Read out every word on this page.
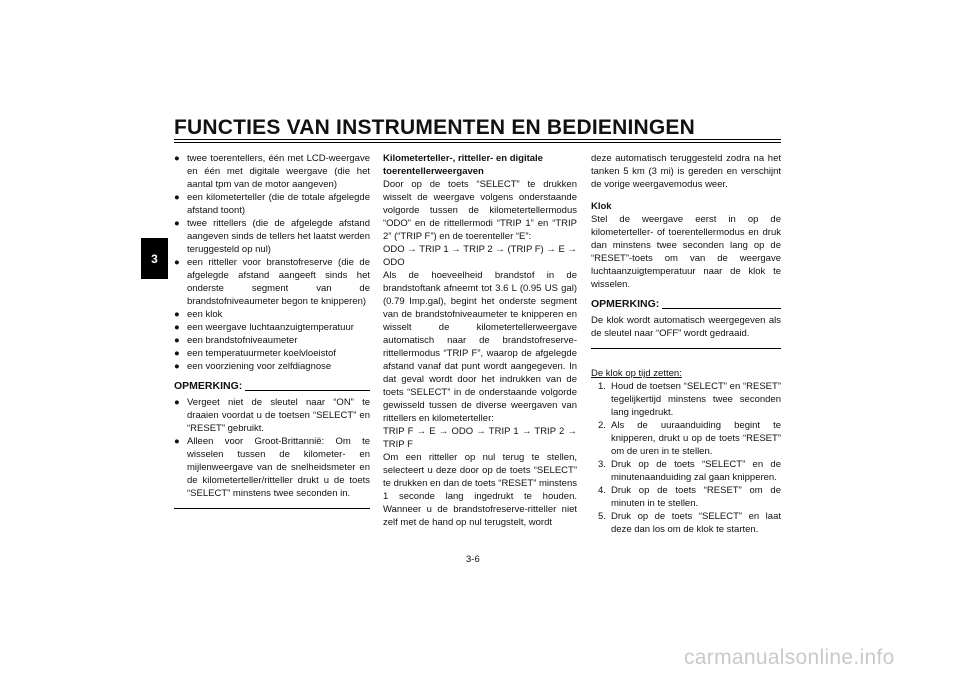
FUNCTIES VAN INSTRUMENTEN EN BEDIENINGEN
3
● twee toerentellers, één met LCD-weergave en één met digitale weergave (die het aantal tpm van de motor aangeven)
● een kilometerteller (die de totale afgelegde afstand toont)
● twee rittellers (die de afgelegde afstand aangeven sinds de tellers het laatst werden teruggesteld op nul)
● een ritteller voor branstofreserve (die de afgelegde afstand aangeeft sinds het onderste segment van de brandstofniveaumeter begon te knipperen)
● een klok
● een weergave luchtaanzuigtemperatuur
● een brandstofniveaumeter
● een temperatuurmeter koelvloeistof
● een voorziening voor zelfdiagnose
OPMERKING:
● Vergeet niet de sleutel naar “ON” te draaien voordat u de toetsen “SELECT” en “RESET” gebruikt.
● Alleen voor Groot-Brittannië: Om te wisselen tussen de kilometer- en mijlenweergave van de snelheidsmeter en de kilometerteller/ritteller drukt u de toets “SELECT” minstens twee seconden in.
Kilometerteller-, ritteller- en digitale toerentellerweergaven

Door op de toets “SELECT” te drukken wisselt de weergave volgens onderstaande volgorde tussen de kilometertellermodus “ODO” en de rittellermodi “TRIP 1” en “TRIP 2” (“TRIP F”) en de toerenteller “E”:

ODO → TRIP 1 → TRIP 2 → (TRIP F) → E → ODO

Als de hoeveelheid brandstof in de brandstoftank afneemt tot 3.6 L (0.95 US gal) (0.79 Imp.gal), begint het onderste segment van de brandstofniveaumeter te knipperen en wisselt de kilometertellerweergave automatisch naar de brandstofreserve-rittellermodus “TRIP F”, waarop de afgelegde afstand vanaf dat punt wordt aangegeven. In dat geval wordt door het indrukken van de toets “SELECT” in de onderstaande volgorde gewisseld tussen de diverse weergaven van rittellers en kilometerteller:

TRIP F → E → ODO → TRIP 1 → TRIP 2 → TRIP F

Om een ritteller op nul terug te stellen, selecteert u deze door op de toets “SELECT” te drukken en dan de toets “RESET” minstens 1 seconde lang ingedrukt te houden. Wanneer u de brandstofreserve-ritteller niet zelf met de hand op nul terugstelt, wordt

deze automatisch teruggesteld zodra na het tanken 5 km (3 mi) is gereden en verschijnt de vorige weergavemodus weer.

Klok

Stel de weergave eerst in op de kilometerteller- of toerentellermodus en druk dan minstens twee seconden lang op de “RESET”-toets om van de weergave luchtaanzuigtemperatuur naar de klok te wisselen.

OPMERKING:

De klok wordt automatisch weergegeven als de sleutel naar “OFF” wordt gedraaid.

De klok op tijd zetten:
1. Houd de toetsen “SELECT” en “RESET” tegelijkertijd minstens twee seconden lang ingedrukt.
2. Als de uuraanduiding begint te knipperen, drukt u op de toets “RESET” om de uren in te stellen.
3. Druk op de toets “SELECT” en de minutenaanduiding zal gaan knipperen.
4. Druk op de toets “RESET” om de minuten in te stellen.
5. Druk op de toets “SELECT” en laat deze dan los om de klok te starten.
3-6
carmanualsonline.info
